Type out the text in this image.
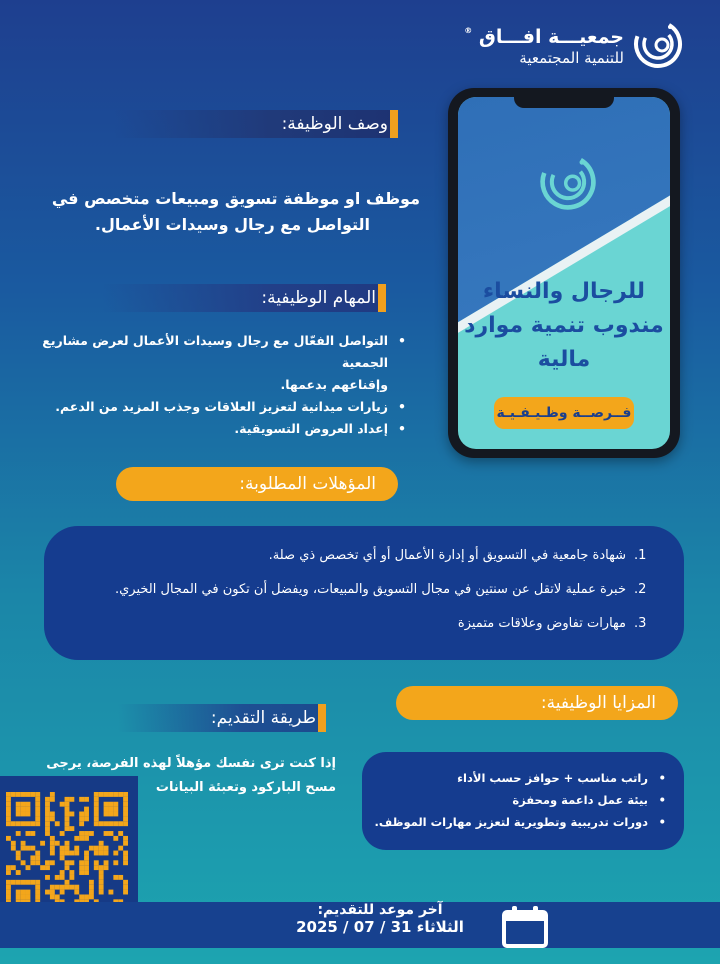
جمعيـــة افـــاق ®
للتنمية المجتمعية
وصف الوظيفة:
موظف او موظفة تسويق ومبيعات متخصص في
التواصل مع رجال وسيدات الأعمال.
المهام الوظيفية:
• التواصل الفعّال مع رجال وسيدات الأعمال لعرض مشاريع الجمعية
وإقناعهم بدعمها.
• زيارات ميدانية لتعزيز العلاقات وجذب المزيد من الدعم.
• إعداد العروض التسويقية.
للرجال والنساء
مندوب تنمية موارد
مالية
فــرصــة وظـيـفـيـة
المؤهلات المطلوبة:
1.
شهادة جامعية في التسويق أو إدارة الأعمال أو أي تخصص ذي صلة.
2.
خبرة عملية لاتقل عن سنتين في مجال التسويق والمبيعات، ويفضل أن تكون في المجال الخيري.
3.
مهارات تفاوض وعلاقات متميزة
المزايا الوظيفية:
• راتب مناسب + حوافز حسب الأداء
• بيئة عمل داعمة ومحفزة
• دورات تدريبية وتطويرية لتعزيز مهارات الموظف.
طريقة التقديم:
إذا كنت ترى نفسك مؤهلاً لهذه الفرصة، يرجى
مسح الباركود وتعبئة البيانات
آخر موعد للتقديم:
الثلاثاء 31 / 07 / 2025
